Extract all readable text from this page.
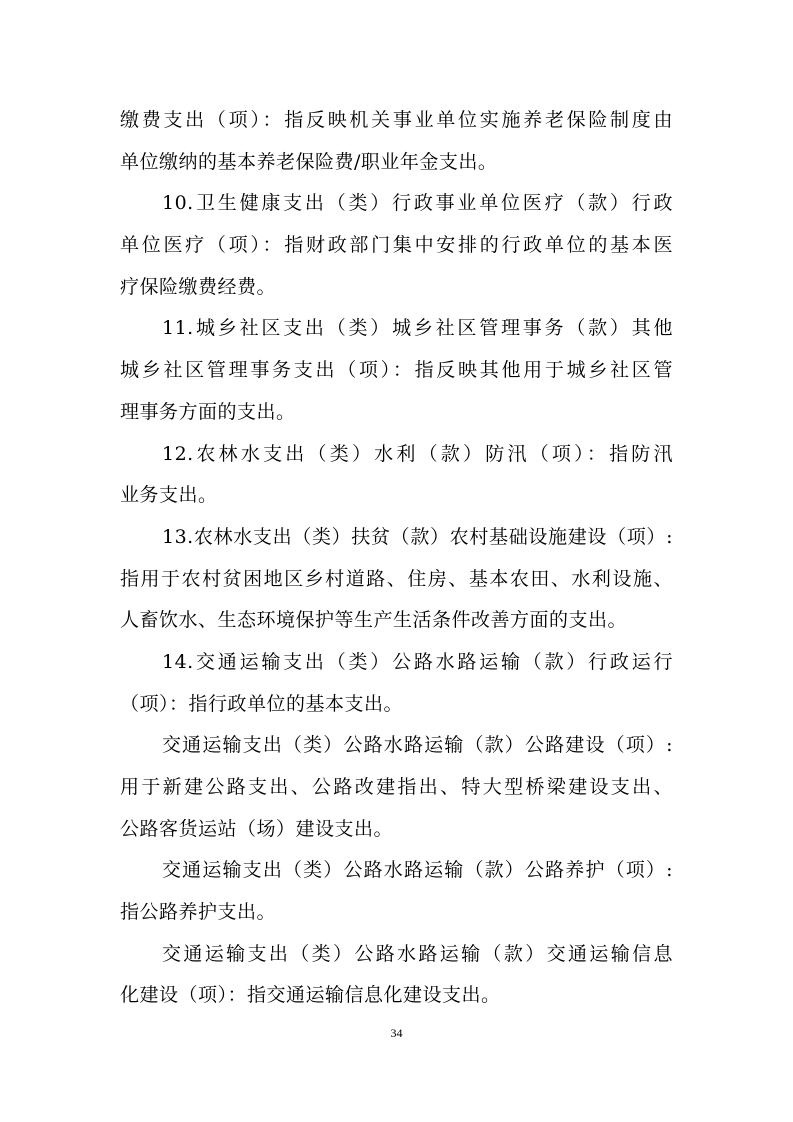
缴费支出（项）：指反映机关事业单位实施养老保险制度由
单位缴纳的基本养老保险费/职业年金支出。
10.卫生健康支出（类）行政事业单位医疗（款）行政
单位医疗（项）：指财政部门集中安排的行政单位的基本医
疗保险缴费经费。
11.城乡社区支出（类）城乡社区管理事务（款）其他
城乡社区管理事务支出（项）：指反映其他用于城乡社区管
理事务方面的支出。
12.农林水支出（类）水利（款）防汛（项）：指防汛
业务支出。
13.农林水支出（类）扶贫（款）农村基础设施建设（项）:
指用于农村贫困地区乡村道路、住房、基本农田、水利设施、
人畜饮水、生态环境保护等生产生活条件改善方面的支出。
14.交通运输支出（类）公路水路运输（款）行政运行
（项）：指行政单位的基本支出。
交通运输支出（类）公路水路运输（款）公路建设（项）:
用于新建公路支出、公路改建指出、特大型桥梁建设支出、
公路客货运站（场）建设支出。
交通运输支出（类）公路水路运输（款）公路养护（项）:
指公路养护支出。
交通运输支出（类）公路水路运输（款）交通运输信息
化建设（项）：指交通运输信息化建设支出。
34
